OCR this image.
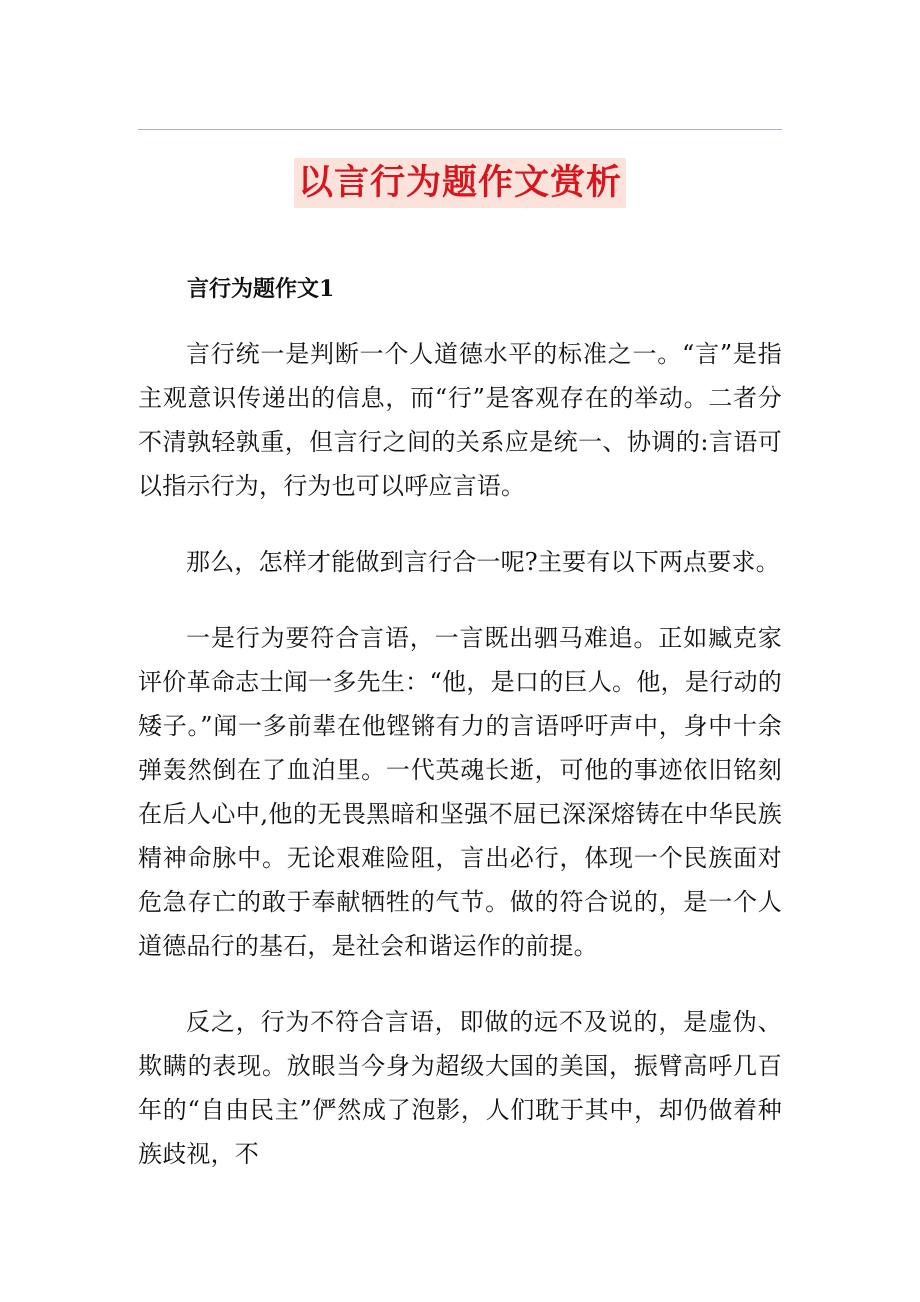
以言行为题作文赏析
言行为题作文1

言行统一是判断一个人道德水平的标准之一。“言”是指主观意识传递出的信息，而“行”是客观存在的举动。二者分不清孰轻孰重，但言行之间的关系应是统一、协调的:言语可以指示行为，行为也可以呼应言语。

那么，怎样才能做到言行合一呢?主要有以下两点要求。

一是行为要符合言语，一言既出驷马难追。正如臧克家评价革命志士闻一多先生：“他，是口的巨人。他，是行动的矮子。”闻一多前辈在他铿锵有力的言语呼吁声中，身中十余弹轰然倒在了血泊里。一代英魂长逝，可他的事迹依旧铭刻在后人心中,他的无畏黑暗和坚强不屈已深深熔铸在中华民族精神命脉中。无论艰难险阻，言出必行，体现一个民族面对危急存亡的敢于奉献牺牲的气节。做的符合说的，是一个人道德品行的基石，是社会和谐运作的前提。

反之，行为不符合言语，即做的远不及说的，是虚伪、欺瞒的表现。放眼当今身为超级大国的美国，振臂高呼几百年的“自由民主”俨然成了泡影，人们耽于其中，却仍做着种族歧视，不
